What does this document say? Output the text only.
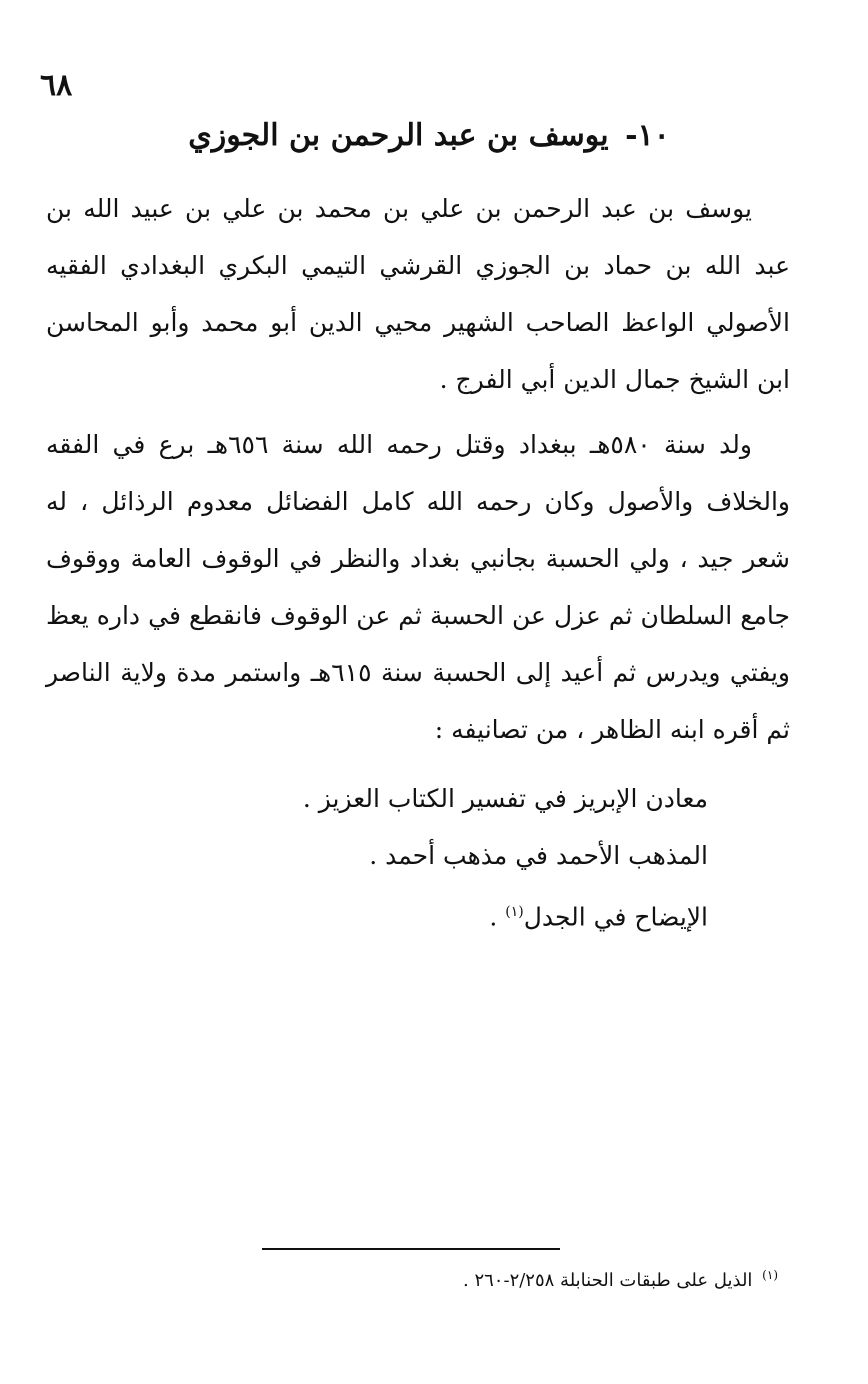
٦٨
١٠- يوسف بن عبد الرحمن بن الجوزي

يوسف بن عبد الرحمن بن علي بن محمد بن علي بن عبيد الله بن عبد الله بن حماد بن الجوزي القرشي التيمي البكري البغدادي الفقيه الأصولي الواعظ الصاحب الشهير محيي الدين أبو محمد وأبو المحاسن ابن الشيخ جمال الدين أبي الفرج .

ولد سنة ٥٨٠هـ ببغداد وقتل رحمه الله سنة ٦٥٦هـ برع في الفقه والخلاف والأصول وكان رحمه الله كامل الفضائل معدوم الرذائل ، له شعر جيد ، ولي الحسبة بجانبي بغداد والنظر في الوقوف العامة ووقوف جامع السلطان ثم عزل عن الحسبة ثم عن الوقوف فانقطع في داره يعظ ويفتي ويدرس ثم أعيد إلى الحسبة سنة ٦١٥هـ واستمر مدة ولاية الناصر ثم أقره ابنه الظاهر ، من تصانيفه :

معادن الإبريز في تفسير الكتاب العزيز .
المذهب الأحمد في مذهب أحمد .
الإيضاح في الجدل$^{(١)}$ .
$^{(١)}$ الذيل على طبقات الحنابلة ٢/٢٥٨-٢٦٠ .
